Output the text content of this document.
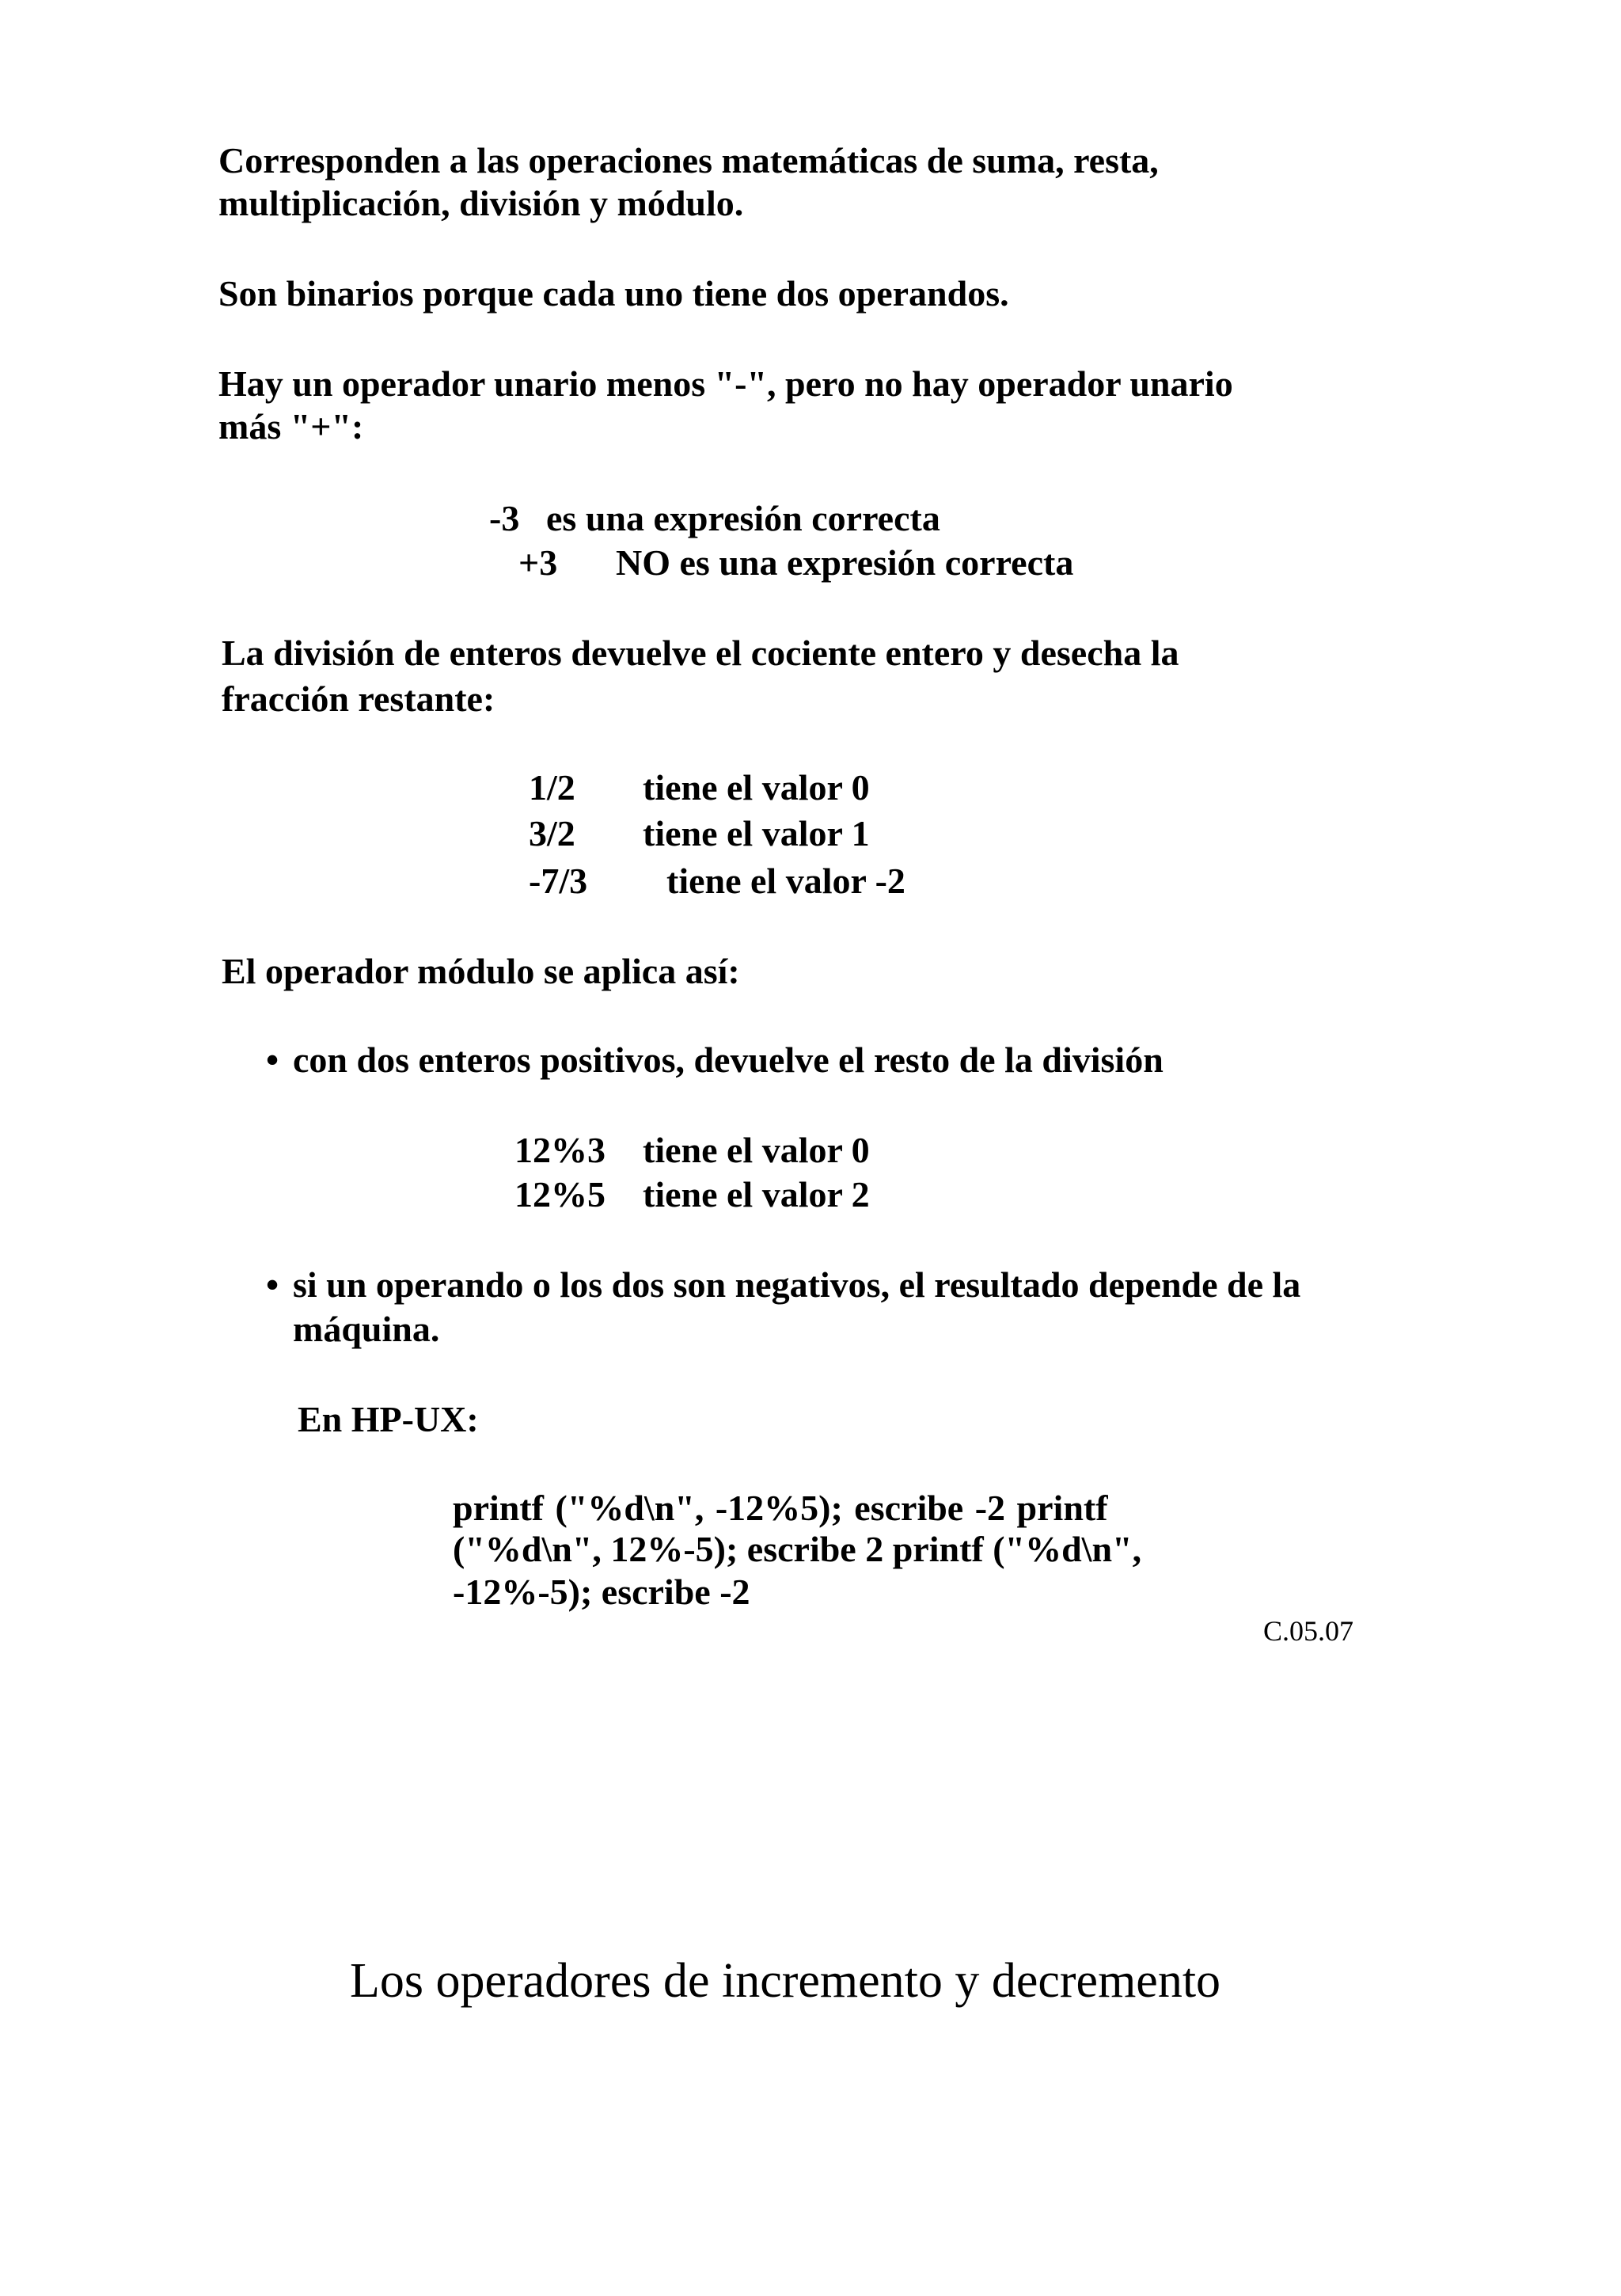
Corresponden a las operaciones matemáticas de suma, resta,

multiplicación, división y módulo.

Son binarios porque cada uno tiene dos operandos.

Hay un operador unario menos "-", pero no hay operador unario

más "+":

-3 es una expresión correcta

+3 NO es una expresión correcta

La división de enteros devuelve el cociente entero y desecha la

fracción restante:

1/2 tiene el valor 0

3/2 tiene el valor 1

-7/3 tiene el valor -2

El operador módulo se aplica así:

• con dos enteros positivos, devuelve el resto de la división

12%3 tiene el valor 0

12%5 tiene el valor 2

• si un operando o los dos son negativos, el resultado depende de la

máquina.

En HP-UX:

printf ("%d\n", -12%5); escribe -2 printf

("%d\n", 12%-5); escribe 2 printf ("%d\n",

-12%-5); escribe -2

C.05.07

Los operadores de incremento y decremento
